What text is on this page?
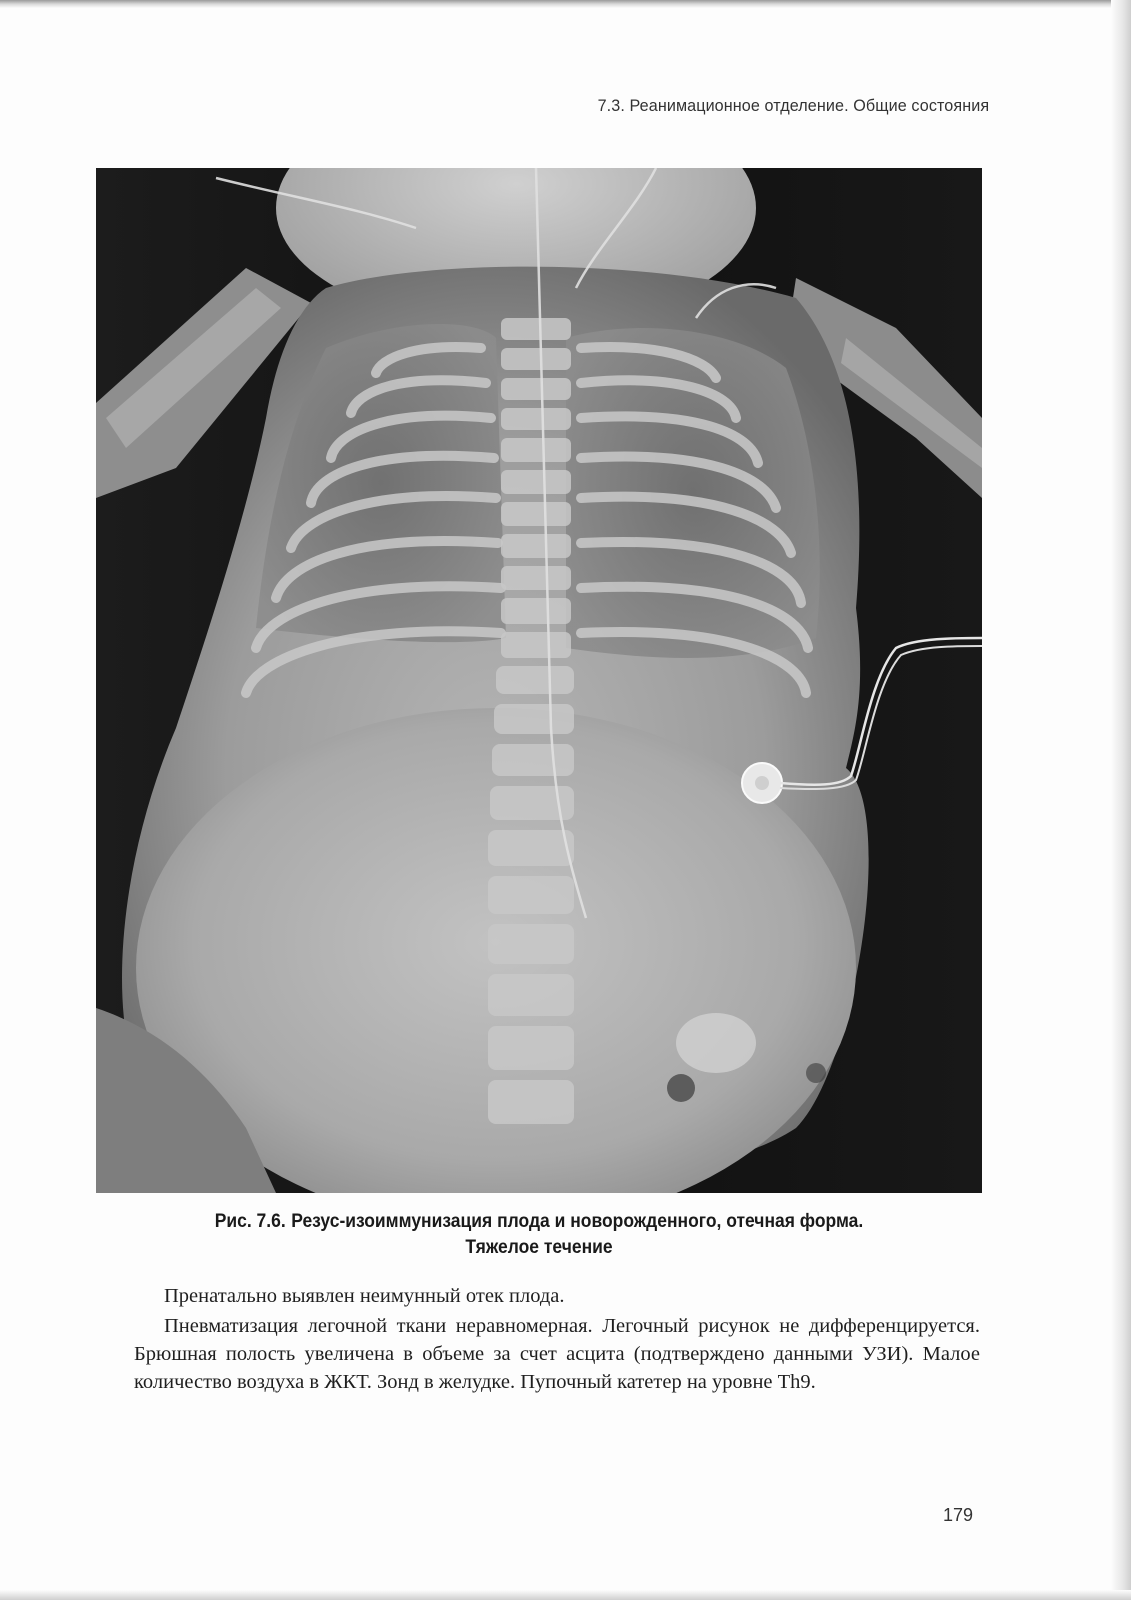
7.3. Реанимационное отделение. Общие состояния
Рис. 7.6. Резус-изоиммунизация плода и новорожденного, отечная форма.
Тяжелое течение

Пренатально выявлен неимунный отек плода.

Пневматизация легочной ткани неравномерная. Легочный рисунок не дифференцируется. Брюшная полость увеличена в объеме за счет асцита (подтверждено данными УЗИ). Малое количество воздуха в ЖКТ. Зонд в желудке. Пупочный катетер на уровне Th9.

179
